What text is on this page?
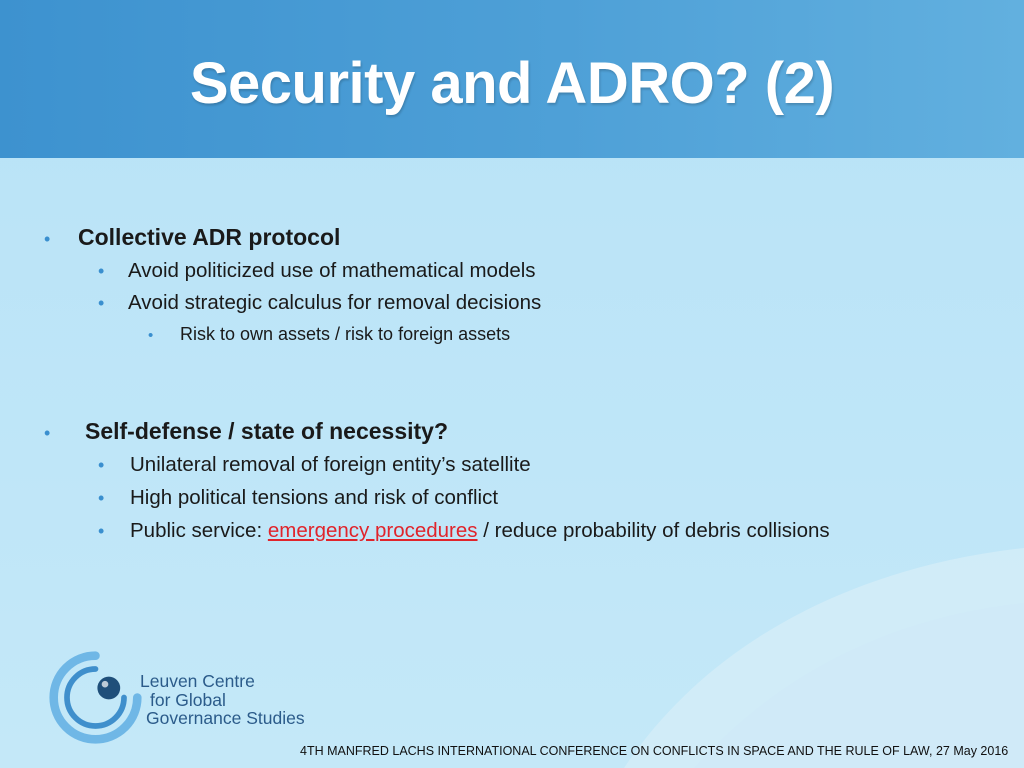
Security and ADRO? (2)
•	Collective ADR protocol
•	Avoid politicized use of mathematical models
•	Avoid strategic calculus for removal decisions
•	Risk to own assets / risk to foreign assets
•	Self-defense / state of necessity?
•	Unilateral removal of foreign entity’s satellite
•	High political tensions and risk of conflict
•	Public service: emergency procedures / reduce probability of debris collisions
Leuven Centre
for Global
Governance Studies
4TH MANFRED LACHS INTERNATIONAL CONFERENCE ON CONFLICTS IN SPACE AND THE RULE OF LAW, 27 May 2016
